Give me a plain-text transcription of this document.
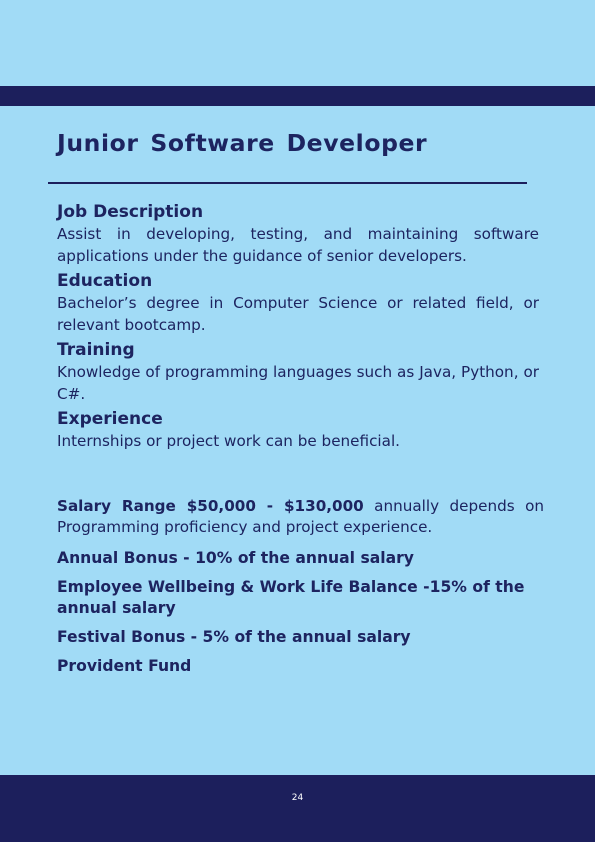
Junior Software Developer
Job Description

Assist in developing, testing, and maintaining software applications under the guidance of senior developers.

Education

Bachelor’s degree in Computer Science or related field, or relevant bootcamp.

Training

Knowledge of programming languages such as Java, Python, or C#.

Experience

Internships or project work can be beneficial.

Salary Range $50,000 - $130,000 annually depends on Programming proficiency and project experience.

Annual Bonus - 10% of the annual salary

Employee Wellbeing & Work Life Balance -15% of the annual salary

Festival Bonus - 5% of the annual salary

Provident Fund

24
